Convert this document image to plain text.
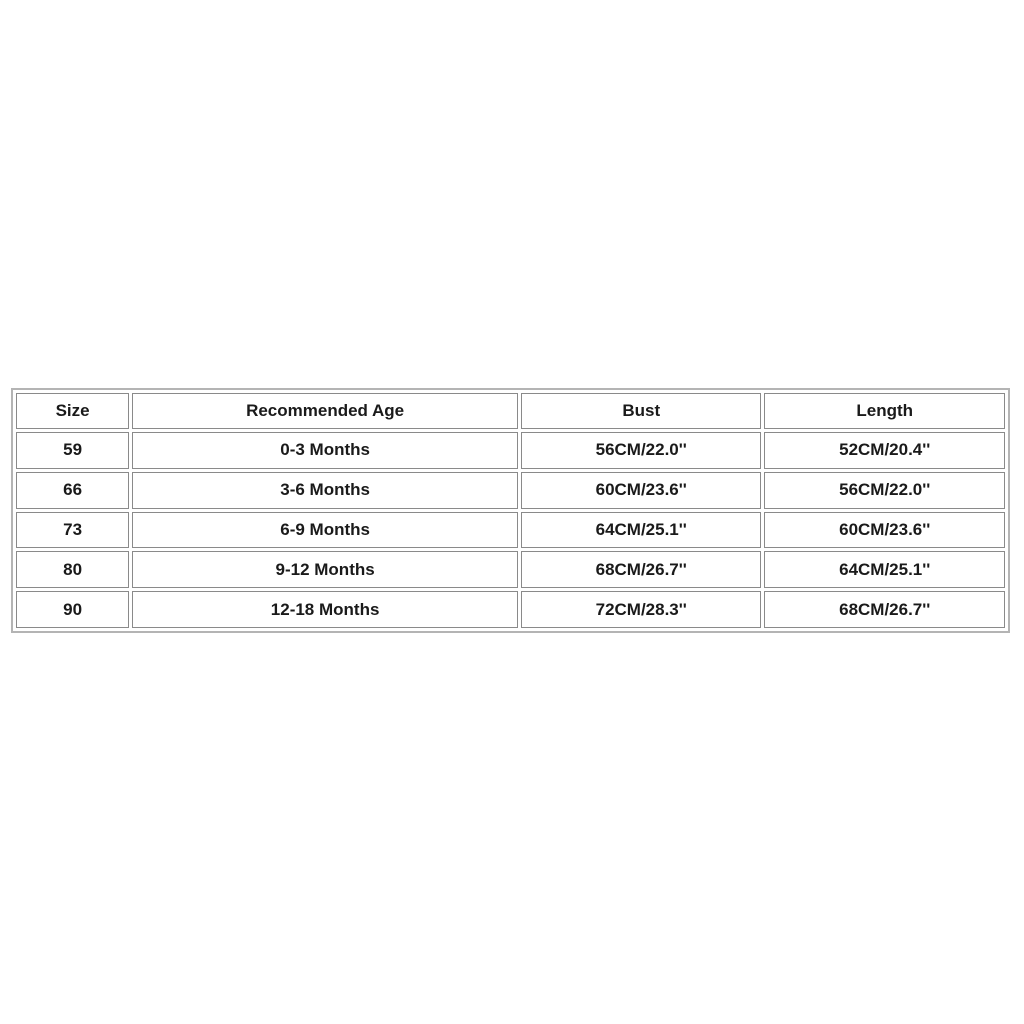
Size	Recommended Age	Bust	Length
59	0-3 Months	56CM/22.0''	52CM/20.4''
66	3-6 Months	60CM/23.6''	56CM/22.0''
73	6-9 Months	64CM/25.1''	60CM/23.6''
80	9-12 Months	68CM/26.7''	64CM/25.1''
90	12-18 Months	72CM/28.3''	68CM/26.7''
